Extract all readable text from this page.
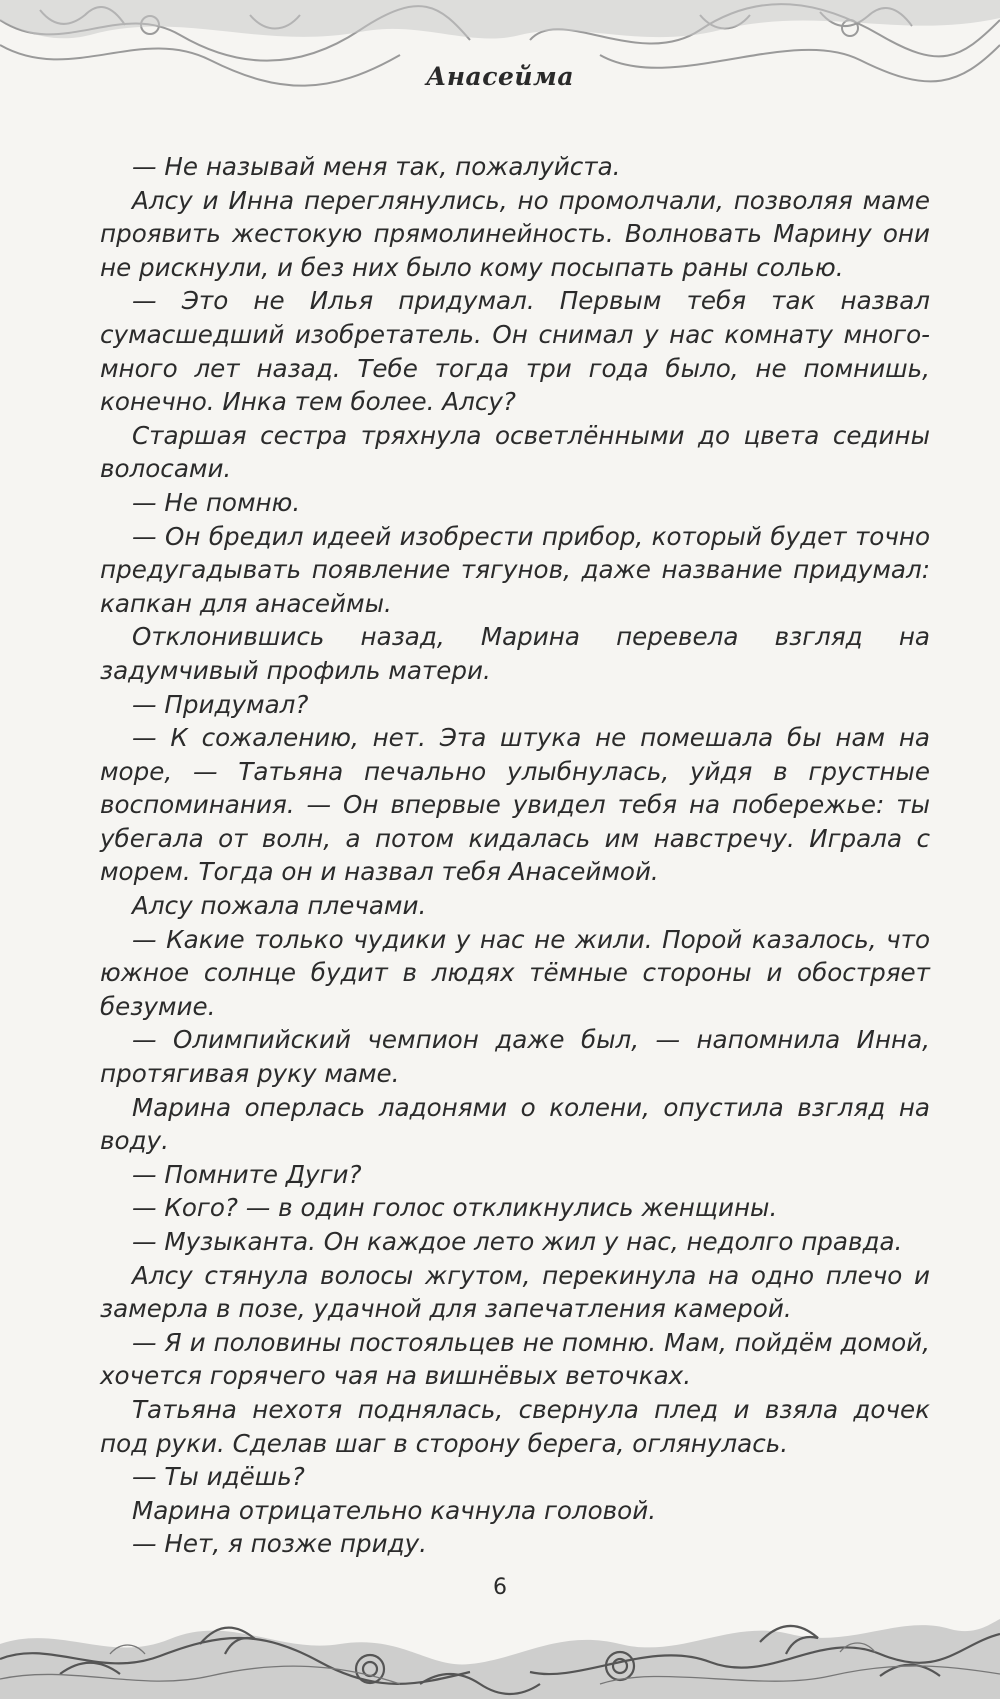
Анасейма

— Не называй меня так, пожалуйста.

Алсу и Инна переглянулись, но промолчали, позволяя маме проявить жестокую прямолинейность. Волновать Марину они не рискнули, и без них было кому посыпать раны солью.

— Это не Илья придумал. Первым тебя так назвал сумасшедший изобретатель. Он снимал у нас комнату много-много лет назад. Тебе тогда три года было, не помнишь, конечно. Инка тем более. Алсу?

Старшая сестра тряхнула осветлёнными до цвета седины волосами.

— Не помню.

— Он бредил идеей изобрести прибор, который будет точно предугадывать появление тягунов, даже название придумал: капкан для анасеймы.

Отклонившись назад, Марина перевела взгляд на задумчивый профиль матери.

— Придумал?

— К сожалению, нет. Эта штука не помешала бы нам на море, — Татьяна печально улыбнулась, уйдя в грустные воспоминания. — Он впервые увидел тебя на побережье: ты убегала от волн, а потом кидалась им навстречу. Играла с морем. Тогда он и назвал тебя Анасеймой.

Алсу пожала плечами.

— Какие только чудики у нас не жили. Порой казалось, что южное солнце будит в людях тёмные стороны и обостряет безумие.

— Олимпийский чемпион даже был, — напомнила Инна, протягивая руку маме.

Марина оперлась ладонями о колени, опустила взгляд на воду.

— Помните Дуги?

— Кого? — в один голос откликнулись женщины.

— Музыканта. Он каждое лето жил у нас, недолго правда.

Алсу стянула волосы жгутом, перекинула на одно плечо и замерла в позе, удачной для запечатления камерой.

— Я и половины постояльцев не помню. Мам, пойдём домой, хочется горячего чая на вишнёвых веточках.

Татьяна нехотя поднялась, свернула плед и взяла дочек под руки. Сделав шаг в сторону берега, оглянулась.

— Ты идёшь?

Марина отрицательно качнула головой.

— Нет, я позже приду.

6
